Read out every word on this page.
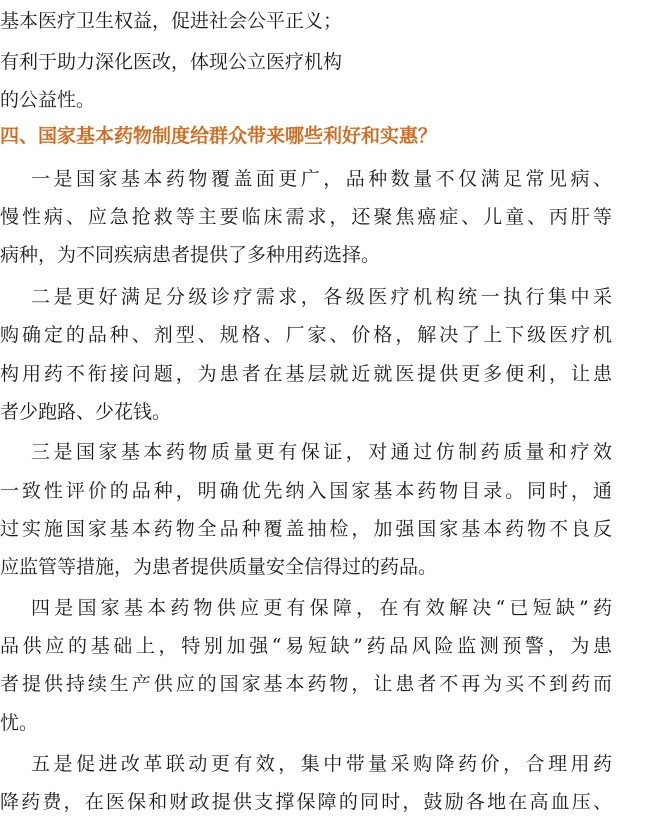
基本医疗卫生权益，促进社会公平正义；
有利于助力深化医改，体现公立医疗机构
的公益性。
四、国家基本药物制度给群众带来哪些利好和实惠？
一是国家基本药物覆盖面更广，品种数量不仅满足常见病、
慢性病、应急抢救等主要临床需求，还聚焦癌症、儿童、丙肝等
病种，为不同疾病患者提供了多种用药选择。
二是更好满足分级诊疗需求，各级医疗机构统一执行集中采
购确定的品种、剂型、规格、厂家、价格，解决了上下级医疗机
构用药不衔接问题，为患者在基层就近就医提供更多便利，让患
者少跑路、少花钱。
三是国家基本药物质量更有保证，对通过仿制药质量和疗效
一致性评价的品种，明确优先纳入国家基本药物目录。同时，通
过实施国家基本药物全品种覆盖抽检，加强国家基本药物不良反
应监管等措施，为患者提供质量安全信得过的药品。
四是国家基本药物供应更有保障，在有效解决“已短缺”药
品供应的基础上，特别加强“易短缺”药品风险监测预警，为患
者提供持续生产供应的国家基本药物，让患者不再为买不到药而
忧。
五是促进改革联动更有效，集中带量采购降药价，合理用药
降药费，在医保和财政提供支撑保障的同时，鼓励各地在高血压、
